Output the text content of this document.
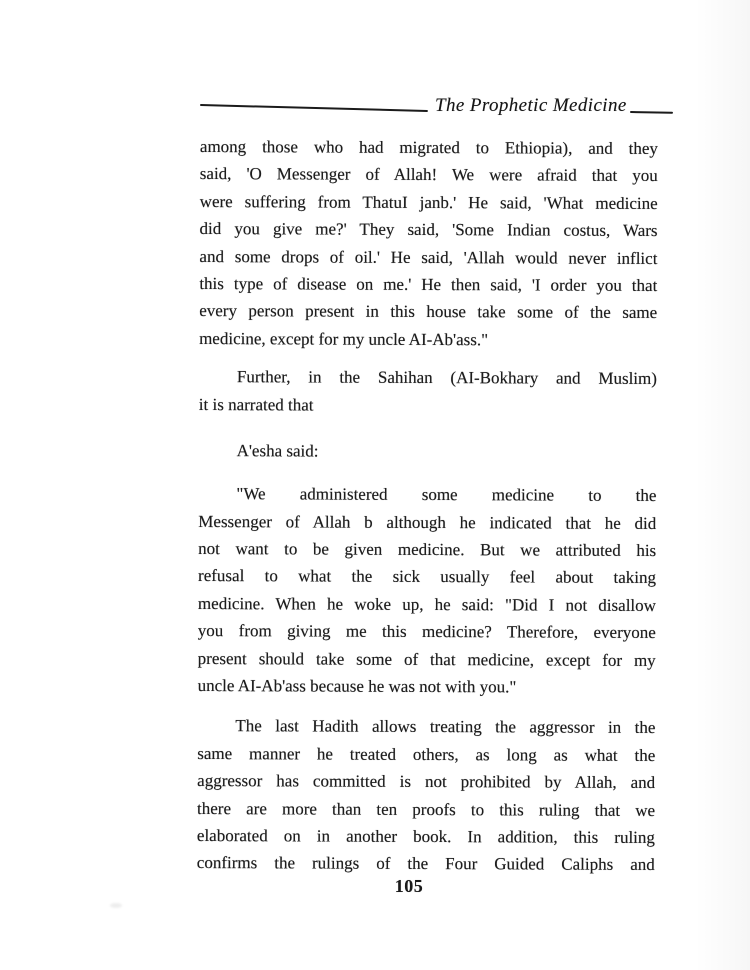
The Prophetic Medicine
among those who had migrated to Ethiopia), and they
said, 'O Messenger of Allah! We were afraid that you
were suffering from ThatuI janb.' He said, 'What medicine
did you give me?' They said, 'Some Indian costus, Wars
and some drops of oil.' He said, 'Allah would never inflict
this type of disease on me.' He then said, 'I order you that
every person present in this house take some of the same
medicine, except for my uncle AI-Ab'ass."
Further, in the Sahihan (AI-Bokhary and Muslim)
it is narrated that
A'esha said:
"We administered some medicine to the
Messenger of Allah b although he indicated that he did
not want to be given medicine. But we attributed his
refusal to what the sick usually feel about taking
medicine. When he woke up, he said: "Did I not disallow
you from giving me this medicine? Therefore, everyone
present should take some of that medicine, except for my
uncle AI-Ab'ass because he was not with you."
The last Hadith allows treating the aggressor in the
same manner he treated others, as long as what the
aggressor has committed is not prohibited by Allah, and
there are more than ten proofs to this ruling that we
elaborated on in another book. In addition, this ruling
confirms the rulings of the Four Guided Caliphs and
105
